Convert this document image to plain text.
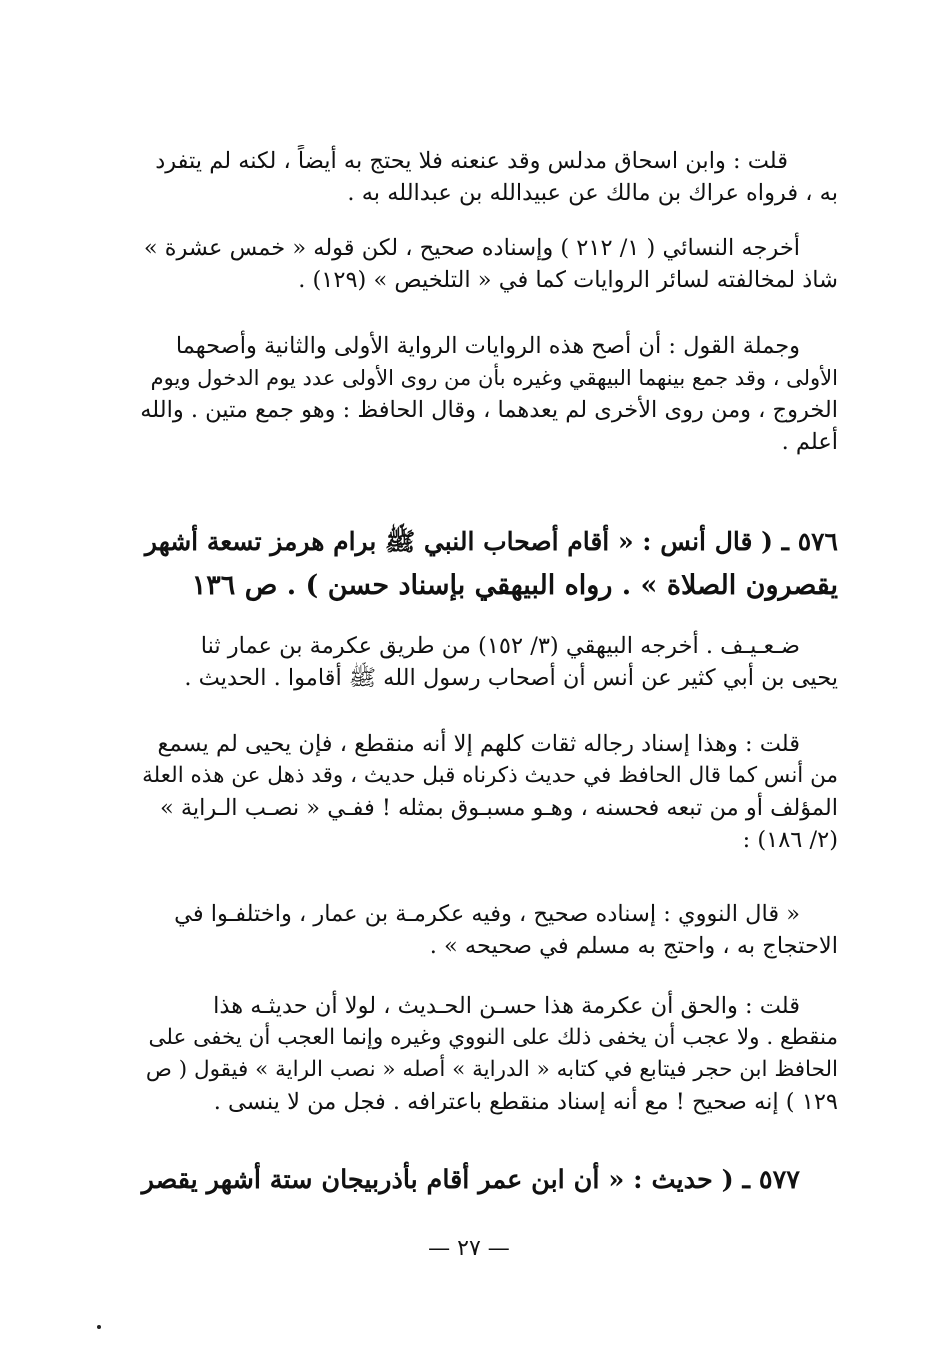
قلت : وابن اسحاق مدلس وقد عنعنه فلا يحتج به أيضاً ، لكنه لم يتفرد
به ، فرواه عراك بن مالك عن عبيدالله بن عبدالله به .
أخرجه النسائي ( ١/ ٢١٢ ) وإسناده صحيح ، لكن قوله « خمس عشرة »
شاذ لمخالفته لسائر الروايات كما في « التلخيص » (١٢٩) .
وجملة القول : أن أصح هذه الروايات الرواية الأولى والثانية وأصحهما
الأولى ، وقد جمع بينهما البيهقي وغيره بأن من روى الأولى عدد يوم الدخول ويوم
الخروج ، ومن روى الأخرى لم يعدهما ، وقال الحافظ : وهو جمع متين . والله
أعلم .
٥٧٦ ـ ( قال أنس : « أقام أصحاب النبي ﷺ برام هرمز تسعة أشهر
يقصرون الصلاة » . رواه البيهقي بإسناد حسن ) . ص ١٣٦
ضـعـيـف . أخرجه البيهقي (٣/ ١٥٢) من طريق عكرمة بن عمار ثنا
يحيى بن أبي كثير عن أنس أن أصحاب رسول الله ﷺ أقاموا . الحديث .
قلت : وهذا إسناد رجاله ثقات كلهم إلا أنه منقطع ، فإن يحيى لم يسمع
من أنس كما قال الحافظ في حديث ذكرناه قبل حديث ، وقد ذهل عن هذه العلة
المؤلف أو من تبعه فحسنه ، وهـو مسبـوق بمثله ! ففـي « نصـب الـراية »
(٢/ ١٨٦) :
« قال النووي : إسناده صحيح ، وفيه عكرمـة بن عمار ، واختلفـوا في
الاحتجاج به ، واحتج به مسلم في صحيحه » .
قلت : والحق أن عكرمة هذا حسـن الحـديث ، لولا أن حديثـه هذا
منقطع . ولا عجب أن يخفى ذلك على النووي وغيره وإنما العجب أن يخفى على
الحافظ ابن حجر فيتابع في كتابه « الدراية » أصله « نصب الراية » فيقول ( ص
١٢٩ ) إنه صحيح ! مع أنه إسناد منقطع باعترافه . فجل من لا ينسى .
٥٧٧ ـ ( حديث : « أن ابن عمر أقام بأذربيجان ستة أشهر يقصر
— ٢٧ —
